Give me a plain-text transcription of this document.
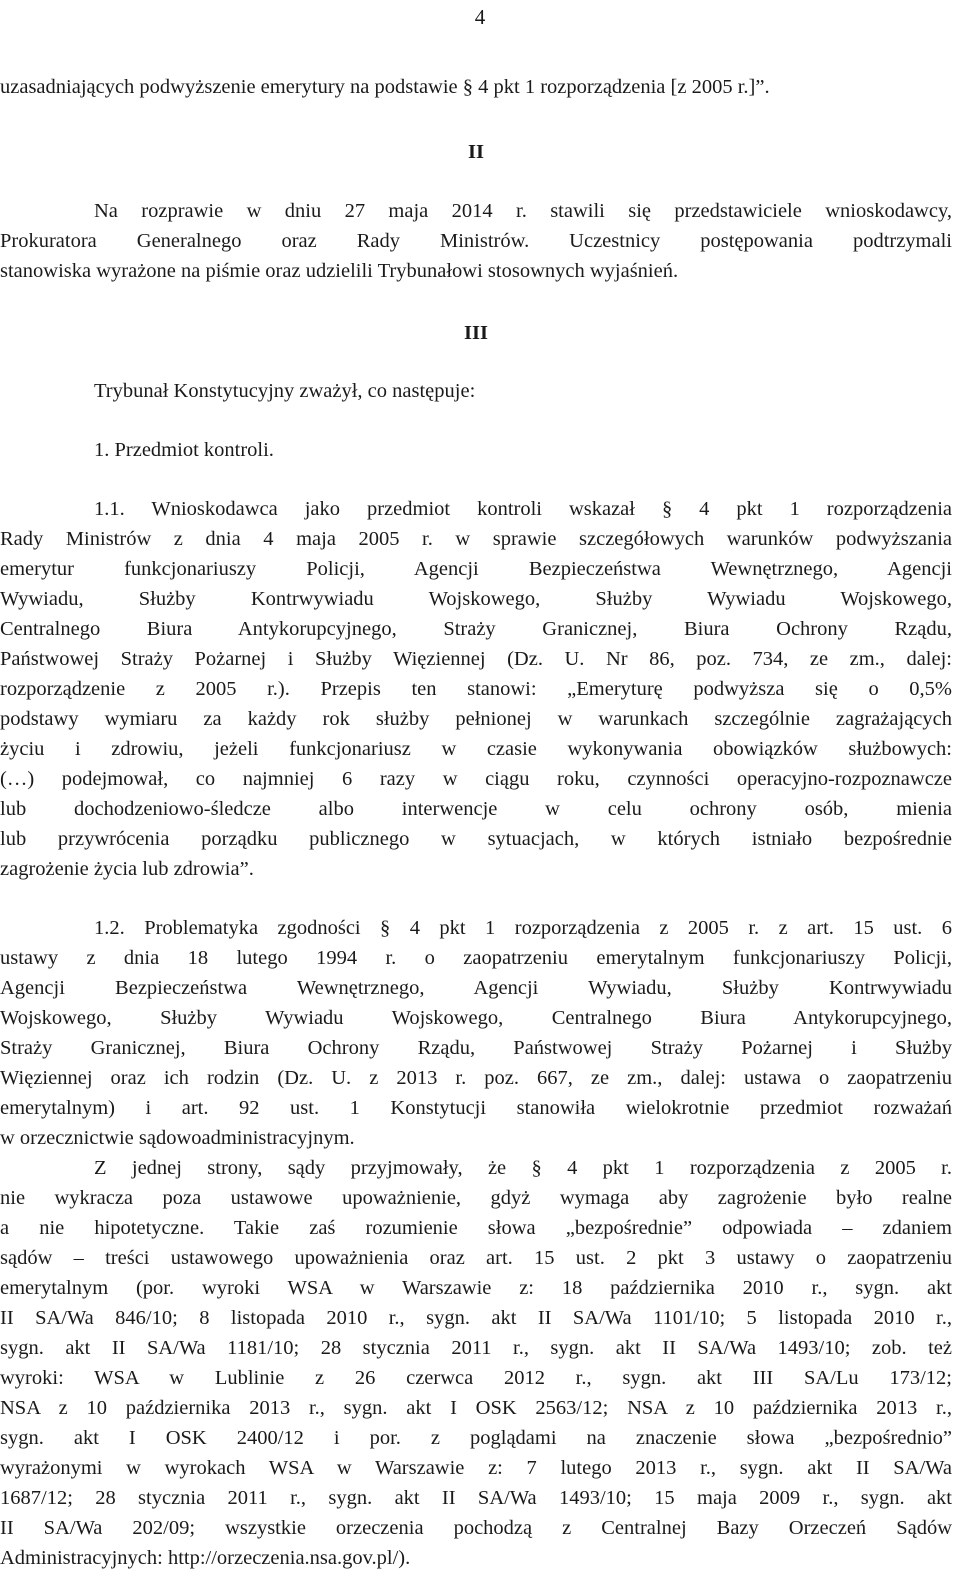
4
uzasadniających podwyższenie emerytury na podstawie § 4 pkt 1 rozporządzenia [z 2005 r.]”.
II
Na rozprawie w dniu 27 maja 2014 r. stawili się przedstawiciele wnioskodawcy,
Prokuratora Generalnego oraz Rady Ministrów. Uczestnicy postępowania podtrzymali
stanowiska wyrażone na piśmie oraz udzielili Trybunałowi stosownych wyjaśnień.
III
Trybunał Konstytucyjny zważył, co następuje:
1. Przedmiot kontroli.
1.1. Wnioskodawca jako przedmiot kontroli wskazał § 4 pkt 1 rozporządzenia
Rady Ministrów z dnia 4 maja 2005 r. w sprawie szczegółowych warunków podwyższania
emerytur funkcjonariuszy Policji, Agencji Bezpieczeństwa Wewnętrznego, Agencji
Wywiadu, Służby Kontrwywiadu Wojskowego, Służby Wywiadu Wojskowego,
Centralnego Biura Antykorupcyjnego, Straży Granicznej, Biura Ochrony Rządu,
Państwowej Straży Pożarnej i Służby Więziennej (Dz. U. Nr 86, poz. 734, ze zm., dalej:
rozporządzenie z 2005 r.). Przepis ten stanowi: „Emeryturę podwyższa się o 0,5%
podstawy wymiaru za każdy rok służby pełnionej w warunkach szczególnie zagrażających
życiu i zdrowiu, jeżeli funkcjonariusz w czasie wykonywania obowiązków służbowych:
(…) podejmował, co najmniej 6 razy w ciągu roku, czynności operacyjno-rozpoznawcze
lub dochodzeniowo-śledcze albo interwencje w celu ochrony osób, mienia
lub przywrócenia porządku publicznego w sytuacjach, w których istniało bezpośrednie
zagrożenie życia lub zdrowia”.
1.2. Problematyka zgodności § 4 pkt 1 rozporządzenia z 2005 r. z art. 15 ust. 6
ustawy z dnia 18 lutego 1994 r. o zaopatrzeniu emerytalnym funkcjonariuszy Policji,
Agencji Bezpieczeństwa Wewnętrznego, Agencji Wywiadu, Służby Kontrwywiadu
Wojskowego, Służby Wywiadu Wojskowego, Centralnego Biura Antykorupcyjnego,
Straży Granicznej, Biura Ochrony Rządu, Państwowej Straży Pożarnej i Służby
Więziennej oraz ich rodzin (Dz. U. z 2013 r. poz. 667, ze zm., dalej: ustawa o zaopatrzeniu
emerytalnym) i art. 92 ust. 1 Konstytucji stanowiła wielokrotnie przedmiot rozważań
w orzecznictwie sądowoadministracyjnym.
Z jednej strony, sądy przyjmowały, że § 4 pkt 1 rozporządzenia z 2005 r.
nie wykracza poza ustawowe upoważnienie, gdyż wymaga aby zagrożenie było realne
a nie hipotetyczne. Takie zaś rozumienie słowa „bezpośrednie” odpowiada – zdaniem
sądów – treści ustawowego upoważnienia oraz art. 15 ust. 2 pkt 3 ustawy o zaopatrzeniu
emerytalnym (por. wyroki WSA w Warszawie z: 18 października 2010 r., sygn. akt
II SA/Wa 846/10; 8 listopada 2010 r., sygn. akt II SA/Wa 1101/10; 5 listopada 2010 r.,
sygn. akt II SA/Wa 1181/10; 28 stycznia 2011 r., sygn. akt II SA/Wa 1493/10; zob. też
wyroki: WSA w Lublinie z 26 czerwca 2012 r., sygn. akt III SA/Lu 173/12;
NSA z 10 października 2013 r., sygn. akt I OSK 2563/12; NSA z 10 października 2013 r.,
sygn. akt I OSK 2400/12 i por. z poglądami na znaczenie słowa „bezpośrednio”
wyrażonymi w wyrokach WSA w Warszawie z: 7 lutego 2013 r., sygn. akt II SA/Wa
1687/12; 28 stycznia 2011 r., sygn. akt II SA/Wa 1493/10; 15 maja 2009 r., sygn. akt
II SA/Wa 202/09; wszystkie orzeczenia pochodzą z Centralnej Bazy Orzeczeń Sądów
Administracyjnych: http://orzeczenia.nsa.gov.pl/).
